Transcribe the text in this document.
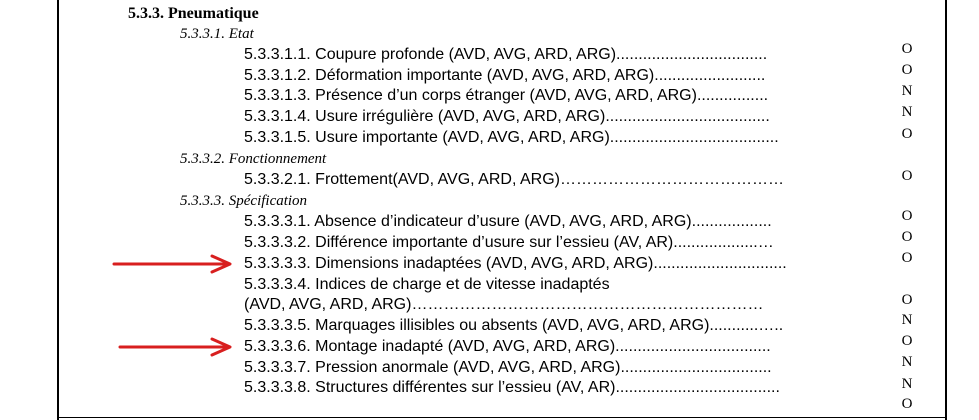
5.3.3. Pneumatique
5.3.3.1. Etat
5.3.3.1.1. Coupure profonde (AVD, AVG, ARD, ARG)..................................
5.3.3.1.2. Déformation importante (AVD, AVG, ARD, ARG).........................
5.3.3.1.3. Présence d’un corps étranger (AVD, AVG, ARD, ARG)................
5.3.3.1.4. Usure irrégulière (AVD, AVG, ARD, ARG).....................................
5.3.3.1.5. Usure importante (AVD, AVG, ARD, ARG)......................................
5.3.3.2. Fonctionnement
5.3.3.2.1. Frottement(AVD, AVG, ARD, ARG)……………………………………
5.3.3.3. Spécification
5.3.3.3.1. Absence d’indicateur d’usure (AVD, AVG, ARD, ARG)..................
5.3.3.3.2. Différence importante d’usure sur l’essieu (AV, AR)...................…
5.3.3.3.3. Dimensions inadaptées (AVD, AVG, ARD, ARG)..............................
5.3.3.3.4. Indices de charge et de vitesse inadaptés
(AVD, AVG, ARD, ARG)…………………………………………………………
5.3.3.3.5. Marquages illisibles ou absents (AVD, AVG, ARD, ARG)...........…..
5.3.3.3.6. Montage inadapté (AVD, AVG, ARD, ARG)...................................
5.3.3.3.7. Pression anormale (AVD, AVG, ARD, ARG)..................................
5.3.3.3.8. Structures différentes sur l’essieu (AV, AR).....................................
O
O
N
N
O
O
O
O
O
O
N
O
N
N
O
